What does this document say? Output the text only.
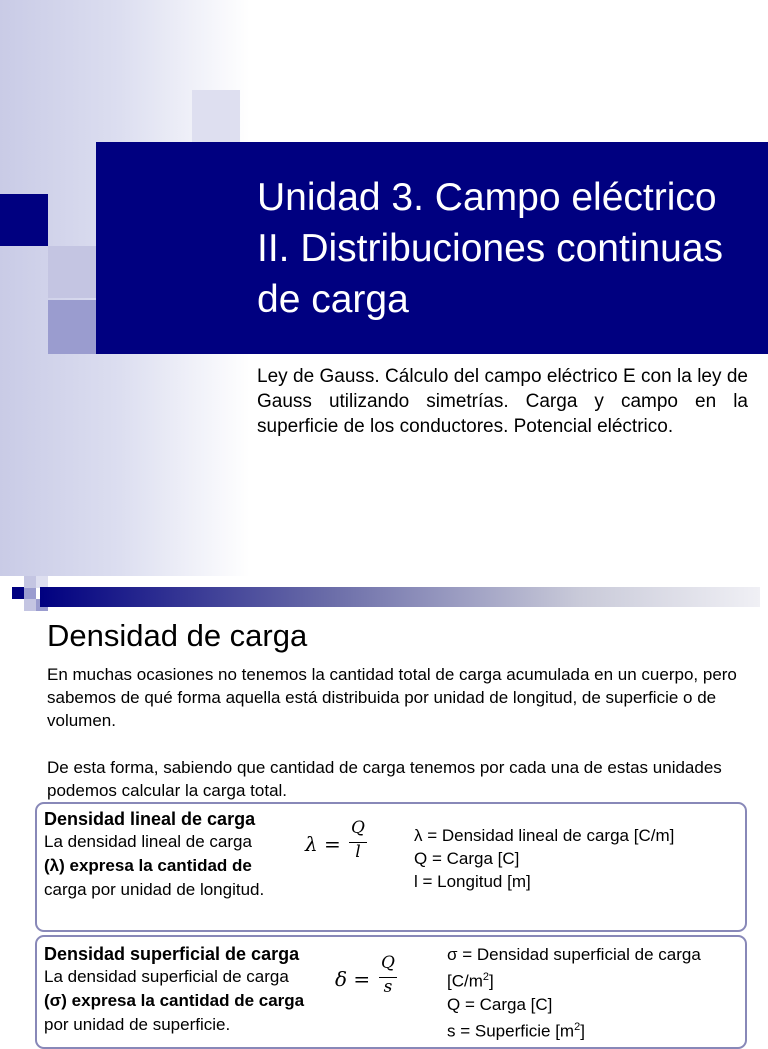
Unidad 3. Campo eléctrico II. Distribuciones continuas de carga

Ley de Gauss. Cálculo del campo eléctrico E con la ley de Gauss utilizando simetrías. Carga y campo en la superficie de los conductores. Potencial eléctrico.

Densidad de carga

En muchas ocasiones no tenemos la cantidad total de carga acumulada en un cuerpo, pero sabemos de qué forma aquella está distribuida por unidad de longitud, de superficie o de volumen.

De esta forma, sabiendo que cantidad de carga tenemos por cada una de estas unidades podemos calcular la carga total.

Densidad lineal de carga

La densidad lineal de carga
(λ) expresa la cantidad de
carga por unidad de longitud.

λ =
Q
l
λ = Densidad lineal de carga [C/m]
Q = Carga [C]
l = Longitud [m]

Densidad superficial de carga

La densidad superficial de carga
(σ) expresa la cantidad de carga
por unidad de superficie.

δ =
Q
s
σ = Densidad superficial de carga
$[C/m^2]$
Q = Carga [C]
s = Superficie $[m^2]$
